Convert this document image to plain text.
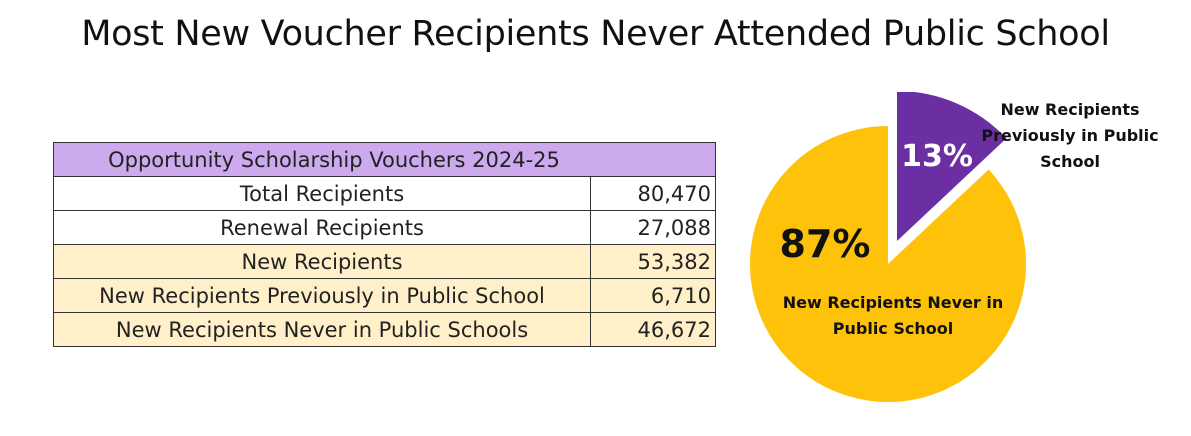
Most New Voucher Recipients Never Attended Public School
Opportunity Scholarship Vouchers 2024-25	
Total Recipients	80,470
Renewal Recipients	27,088
New Recipients	53,382
New Recipients Previously in Public School	6,710
New Recipients Never in Public Schools	46,672
13%
87%
New Recipients
Previously in Public
School
New Recipients Never in
Public School
